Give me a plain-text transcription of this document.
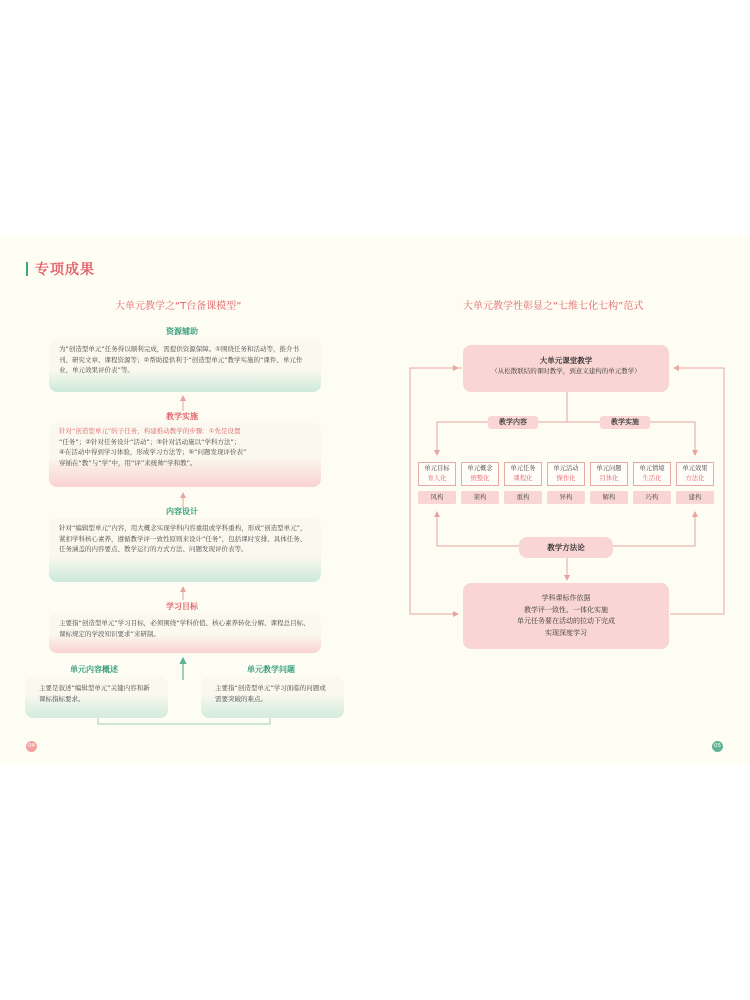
专项成果
大单元教学之“T台备课模型”
资源辅助
为“创造型单元”任务得以顺利完成，需提供资源保障。①围绕任务和活动等，推介书刊、研究文章、课程资源等；②帮助提供利于“创造型单元”教学实施的“课件、单元作业、单元效果评价表”等。
教学实施
针对“创造型单元”的子任务，构建推动教学的步骤：①先是设置
“任务”；②针对任务设计“活动”；③针对活动施以“学科方法”；
④在活动中得到学习体验，形成学习方法等；⑤“问题发现评价表”
穿插在“教”与“学”中，用“评”来统帅“学和教”。
内容设计
针对“编辑型单元”内容，用大概念实现学科内容重组或学科重构，形成“创造型单元”，紧扣学科核心素养，遵循教学评一致性原则来设计“任务”，包括课时安排、具体任务、任务涵盖的内容要点、教学运行的方式方法、问题发现评价表等。
学习目标
主要指“创造型单元”学习目标，必须围绕“学科价值、核心素养转化分解、课程总目标、课标规定的学段知识要求”来研制。
单元内容概述
主要是叙述“编辑型单元”关键内容和新课标指标要求。
单元教学问题
主要指“创造型单元”学习面临的问题或需要突破的难点。
04
大单元教学性彰显之“七维七化七构”范式
大单元课堂教学
（从松散联结的课时教学，到意义建构的单元教学）
教学内容	教学实施
单元目标
育人化
风构
单元概念
统整化
架构
单元任务
课程化
重构
单元活动
操作化
异构
单元问题
目体化
解构
单元情境
生活化
巧构
单元效果
方法化
建构
教学方法论
学科课标作依据
教学评一致性、一体化实施
单元任务要在活动的拉动下完成
实现深度学习
05
